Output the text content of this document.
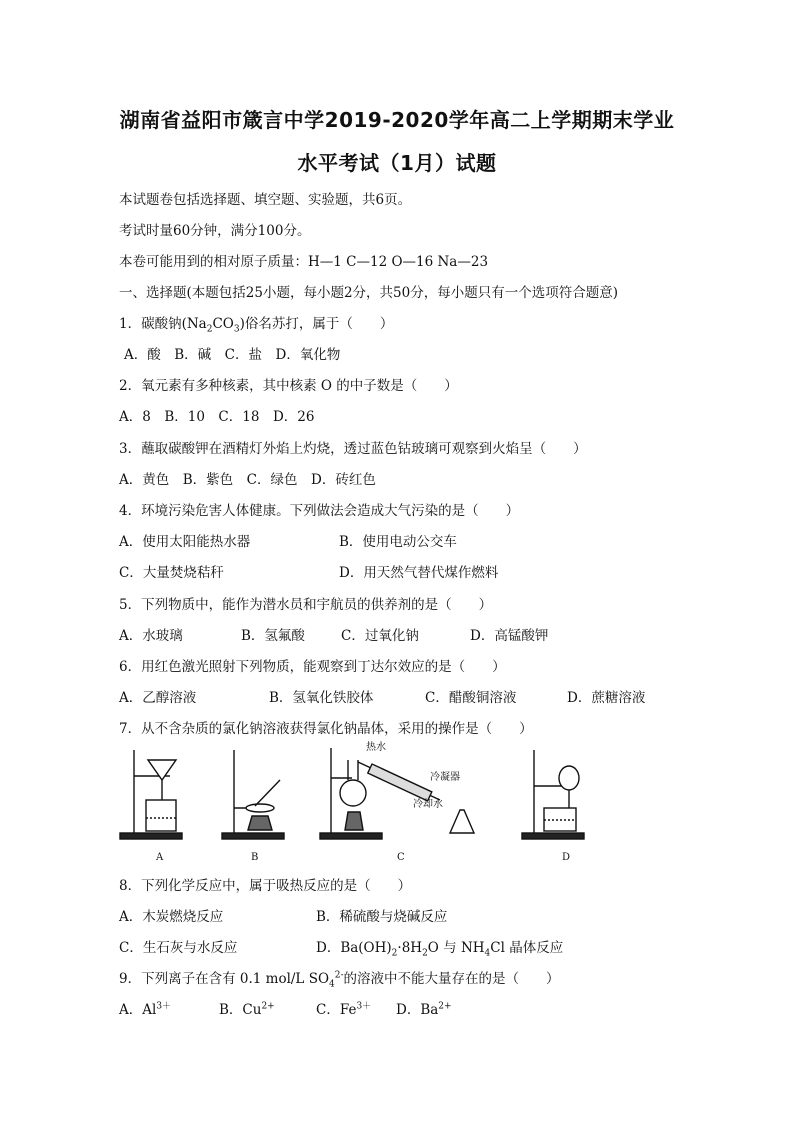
湖南省益阳市箴言中学2019-2020学年高二上学期期末学业
水平考试（1月）试题
本试题卷包括选择题、填空题、实验题，共6页。
考试时量60分钟，满分100分。
本卷可能用到的相对原子质量：H—1 C—12 O—16 Na—23
一、选择题(本题包括25小题，每小题2分，共50分，每小题只有一个选项符合题意)
1．碳酸钠$(Na_2CO_3)$俗名苏打，属于（　　）
A．酸　B．碱　C．盐　D．氧化物
2．氧元素有多种核素，其中核素 O 的中子数是（　　）
A．8　B．10　C．18　D．26
3．蘸取碳酸钾在酒精灯外焰上灼烧，透过蓝色钴玻璃可观察到火焰呈（　　）
A．黄色　B．紫色　C．绿色　D．砖红色
4．环境污染危害人体健康。下列做法会造成大气污染的是（　　）
A．使用太阳能热水器	B．使用电动公交车
C．大量焚烧秸秆	D．用天然气替代煤作燃料
5．下列物质中，能作为潜水员和宇航员的供养剂的是（　　）
A．水玻璃	B．氢氟酸	C．过氧化钠	D．高锰酸钾
6．用红色激光照射下列物质，能观察到丁达尔效应的是（　　）
A．乙醇溶液	B．氢氧化铁胶体	C．醋酸铜溶液	D．蔗糖溶液
7．从不含杂质的氯化钠溶液获得氯化钠晶体，采用的操作是（　　）
热水
冷凝器
冷却水
A	B	C	D
8．下列化学反应中，属于吸热反应的是（　　）
A．木炭燃烧反应	B．稀硫酸与烧碱反应
C．生石灰与水反应	D．$Ba(OH)_2\cdot 8H_2O$ 与 $NH_4Cl$ 晶体反应
9．下列离子在含有 0.1 mol/L $SO_4^{2-}$的溶液中不能大量存在的是（　　）
A．$Al^{3+}$	B．$Cu^{2+}$	C．$Fe^{3+}$ D．$Ba^{2+}$
